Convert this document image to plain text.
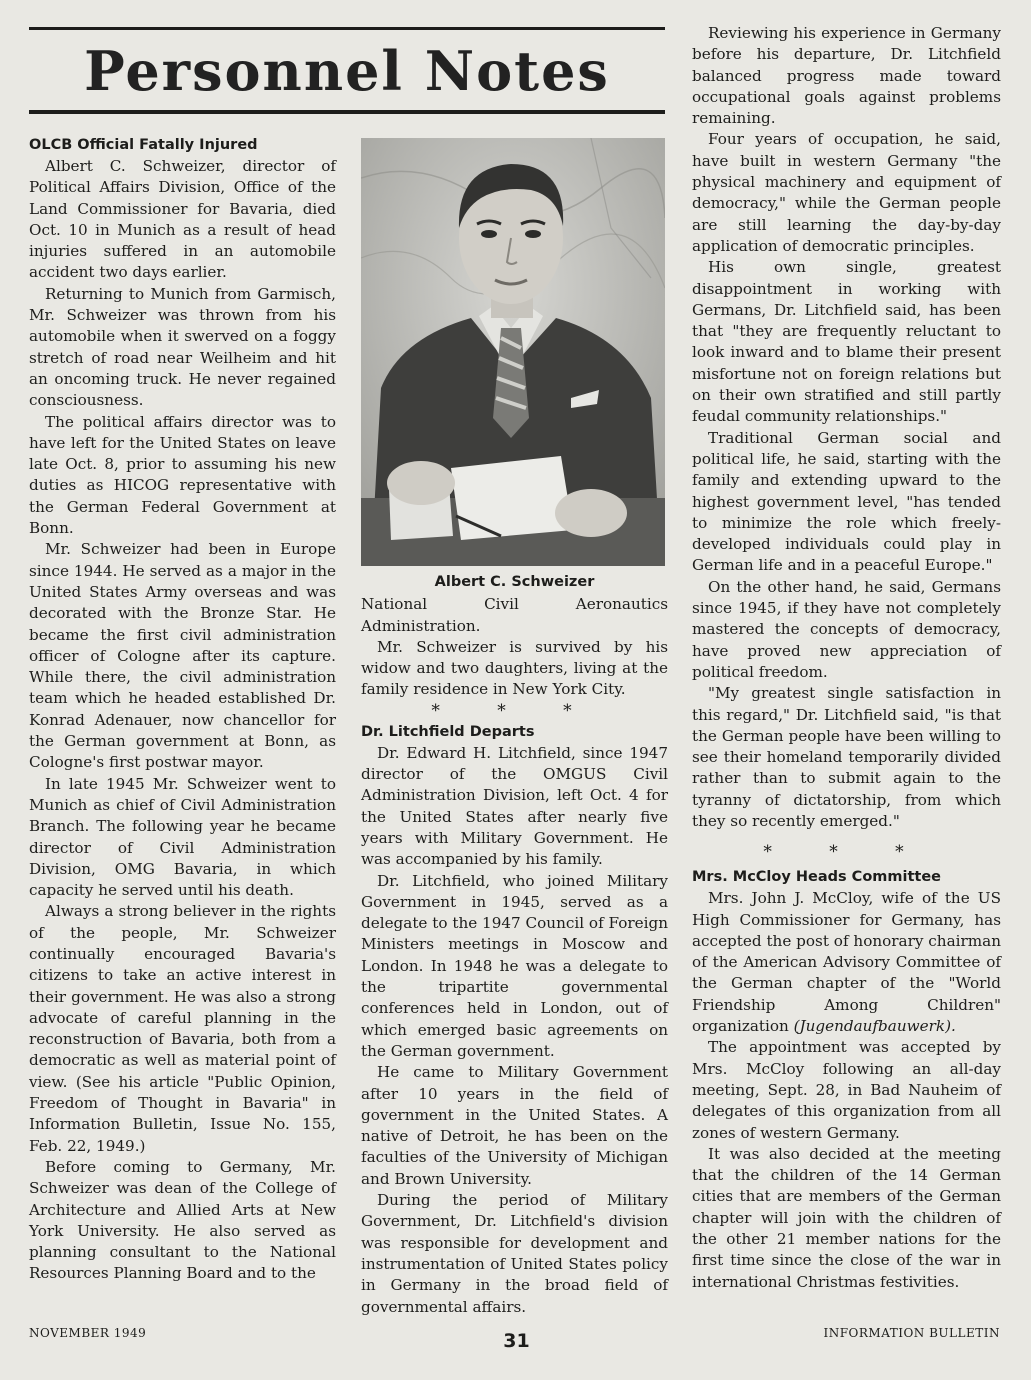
Personnel Notes
OLCB Official Fatally Injured

Albert C. Schweizer, director of Political Affairs Division, Office of the Land Commissioner for Bavaria, died Oct. 10 in Munich as a result of head injuries suffered in an automobile accident two days earlier.

Returning to Munich from Garmisch, Mr. Schweizer was thrown from his automobile when it swerved on a foggy stretch of road near Weilheim and hit an oncoming truck. He never regained consciousness.

The political affairs director was to have left for the United States on leave late Oct. 8, prior to assuming his new duties as HICOG representative with the German Federal Government at Bonn.

Mr. Schweizer had been in Europe since 1944. He served as a major in the United States Army overseas and was decorated with the Bronze Star. He became the first civil administration officer of Cologne after its capture. While there, the civil administration team which he headed established Dr. Konrad Adenauer, now chancellor for the German government at Bonn, as Cologne's first postwar mayor.

In late 1945 Mr. Schweizer went to Munich as chief of Civil Administration Branch. The following year he became director of Civil Administration Division, OMG Bavaria, in which capacity he served until his death.

Always a strong believer in the rights of the people, Mr. Schweizer continually encouraged Bavaria's citizens to take an active interest in their government. He was also a strong advocate of careful planning in the reconstruction of Bavaria, both from a democratic as well as material point of view. (See his article "Public Opinion, Freedom of Thought in Bavaria" in Information Bulletin, Issue No. 155, Feb. 22, 1949.)

Before coming to Germany, Mr. Schweizer was dean of the College of Architecture and Allied Arts at New York University. He also served as planning consultant to the National Resources Planning Board and to the

Albert C. Schweizer

National Civil Aeronautics Administration.

Mr. Schweizer is survived by his widow and two daughters, living at the family residence in New York City.

* * *

Dr. Litchfield Departs

Dr. Edward H. Litchfield, since 1947 director of the OMGUS Civil Administration Division, left Oct. 4 for the United States after nearly five years with Military Government. He was accompanied by his family.

Dr. Litchfield, who joined Military Government in 1945, served as a delegate to the 1947 Council of Foreign Ministers meetings in Moscow and London. In 1948 he was a delegate to the tripartite governmental conferences held in London, out of which emerged basic agreements on the German government.

He came to Military Government after 10 years in the field of government in the United States. A native of Detroit, he has been on the faculties of the University of Michigan and Brown University.

During the period of Military Government, Dr. Litchfield's division was responsible for development and instrumentation of United States policy in Germany in the broad field of governmental affairs.

Reviewing his experience in Germany before his departure, Dr. Litchfield balanced progress made toward occupational goals against problems remaining.

Four years of occupation, he said, have built in western Germany "the physical machinery and equipment of democracy," while the German people are still learning the day-by-day application of democratic principles.

His own single, greatest disappointment in working with Germans, Dr. Litchfield said, has been that "they are frequently reluctant to look inward and to blame their present misfortune not on foreign relations but on their own stratified and still partly feudal community relationships."

Traditional German social and political life, he said, starting with the family and extending upward to the highest government level, "has tended to minimize the role which freely-developed individuals could play in German life and in a peaceful Europe."

On the other hand, he said, Germans since 1945, if they have not completely mastered the concepts of democracy, have proved new appreciation of political freedom.

"My greatest single satisfaction in this regard," Dr. Litchfield said, "is that the German people have been willing to see their homeland temporarily divided rather than to submit again to the tyranny of dictatorship, from which they so recently emerged."

* * *

Mrs. McCloy Heads Committee

Mrs. John J. McCloy, wife of the US High Commissioner for Germany, has accepted the post of honorary chairman of the American Advisory Committee of the German chapter of the "World Friendship Among Children" organization (Jugendaufbauwerk).

The appointment was accepted by Mrs. McCloy following an all-day meeting, Sept. 28, in Bad Nauheim of delegates of this organization from all zones of western Germany.

It was also decided at the meeting that the children of the 14 German cities that are members of the German chapter will join with the children of the other 21 member nations for the first time since the close of the war in international Christmas festivities.

NOVEMBER 1949	31	INFORMATION BULLETIN
